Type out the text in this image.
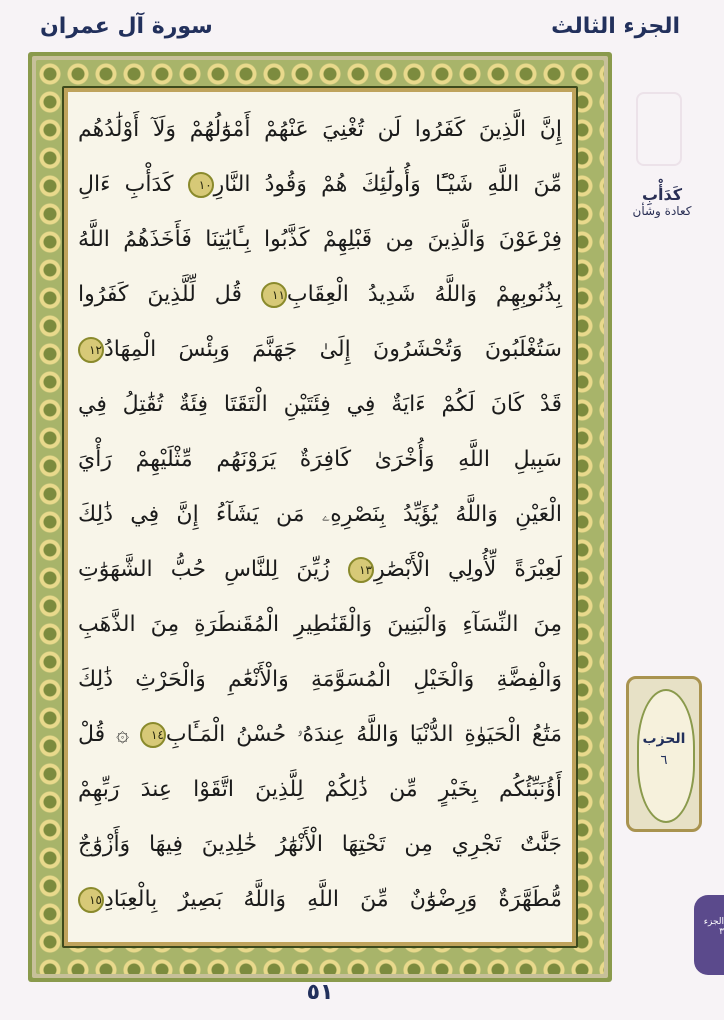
سورة آل عمران	الجزء الثالث
إِنَّ الَّذِينَ كَفَرُوا لَن تُغْنِيَ عَنْهُمْ أَمْوَٰلُهُمْ وَلَآ أَوْلَٰدُهُم
مِّنَ اللَّهِ شَيْـًٔا وَأُولَٰٓئِكَ هُمْ وَقُودُ النَّارِ١٠ كَدَأْبِ ءَالِ
فِرْعَوْنَ وَالَّذِينَ مِن قَبْلِهِمْ كَذَّبُوا بِـَٔايَٰتِنَا فَأَخَذَهُمُ اللَّهُ
بِذُنُوبِهِمْ وَاللَّهُ شَدِيدُ الْعِقَابِ١١ قُل لِّلَّذِينَ كَفَرُوا
سَتُغْلَبُونَ وَتُحْشَرُونَ إِلَىٰ جَهَنَّمَ وَبِئْسَ الْمِهَادُ١٢
قَدْ كَانَ لَكُمْ ءَايَةٌ فِي فِئَتَيْنِ الْتَقَتَا فِئَةٌ تُقَٰتِلُ فِي
سَبِيلِ اللَّهِ وَأُخْرَىٰ كَافِرَةٌ يَرَوْنَهُم مِّثْلَيْهِمْ رَأْيَ
الْعَيْنِ وَاللَّهُ يُؤَيِّدُ بِنَصْرِهِۦ مَن يَشَآءُ إِنَّ فِي ذَٰلِكَ
لَعِبْرَةً لِّأُولِي الْأَبْصَٰرِ١٣ زُيِّنَ لِلنَّاسِ حُبُّ الشَّهَوَٰتِ
مِنَ النِّسَآءِ وَالْبَنِينَ وَالْقَنَٰطِيرِ الْمُقَنطَرَةِ مِنَ الذَّهَبِ
وَالْفِضَّةِ وَالْخَيْلِ الْمُسَوَّمَةِ وَالْأَنْعَٰمِ وَالْحَرْثِ ذَٰلِكَ
مَتَٰعُ الْحَيَوٰةِ الدُّنْيَا وَاللَّهُ عِندَهُۥ حُسْنُ الْمَـَٔابِ١٤ ۞ قُلْ
أَؤُنَبِّئُكُم بِخَيْرٍ مِّن ذَٰلِكُمْ لِلَّذِينَ اتَّقَوْا عِندَ رَبِّهِمْ
جَنَّٰتٌ تَجْرِي مِن تَحْتِهَا الْأَنْهَٰرُ خَٰلِدِينَ فِيهَا وَأَزْوَٰجٌ
مُّطَهَّرَةٌ وَرِضْوَٰنٌ مِّنَ اللَّهِ وَاللَّهُ بَصِيرٌ بِالْعِبَادِ١٥
كَدَأْبِ
كعادة وشأن
الحزب
٦
الجزء ٣
٥١
